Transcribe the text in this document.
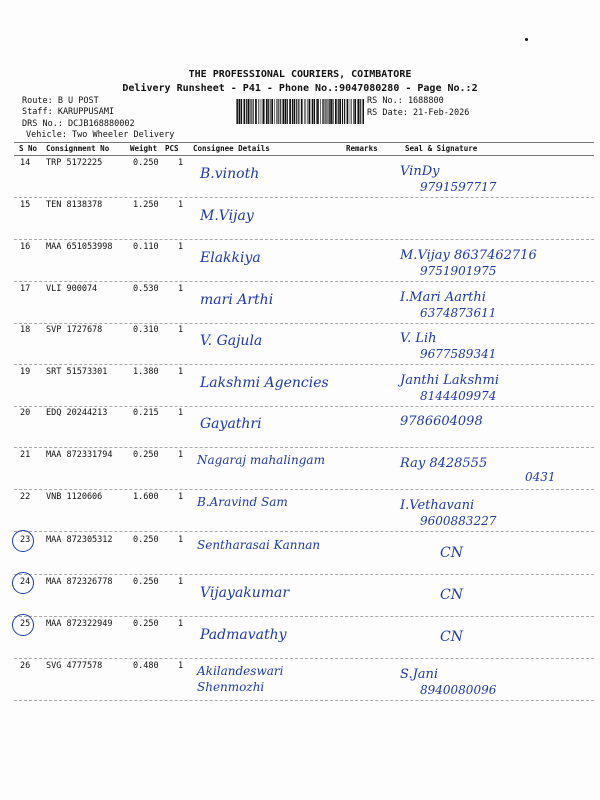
THE PROFESSIONAL COURIERS, COIMBATORE
Delivery Runsheet - P41 - Phone No.:9047080280 - Page No.:2
Route: B U POST
Staff: KARUPPUSAMI
DRS No.: DCJB168880002
Vehicle: Two Wheeler Delivery
RS No.: 1688800
RS Date: 21-Feb-2026
S No Consignment No	Weight PCS Consignee Details	Remarks	Seal & Signature
14 TRP 5172225	0.250 1
B.vinoth	VinDy
9791597717
15 TEN 8138378	1.250 1
M.Vijay
16 MAA 651053998 0.110 1
Elakkiya	M.Vijay 8637462716
9751901975
17 VLI 900074	0.530 1
mari Arthi	I.Mari Aarthi
6374873611
18 SVP 1727678	0.310 1
V. Gajula	V. Lih
9677589341
19 SRT 51573301	1.380 1
Lakshmi Agencies	Janthi Lakshmi
8144409974
20 EDQ 20244213	0.215 1
Gayathri	9786604098
21 MAA 872331794 0.250 1 Nagaraj mahalingam	Ray 8428555
0431
22 VNB 1120606	1.600 1 B.Aravind Sam	I.Vethavani
9600883227
23 MAA 872305312 0.250 1 Sentharasai Kannan	CN
24 MAA 872326778 0.250 1
Vijayakumar	CN
25 MAA 872322949 0.250 1
Padmavathy	CN
26 SVG 4777578	0.480 1 Akilandeswari Shenmozhi
S.Jani
8940080096
